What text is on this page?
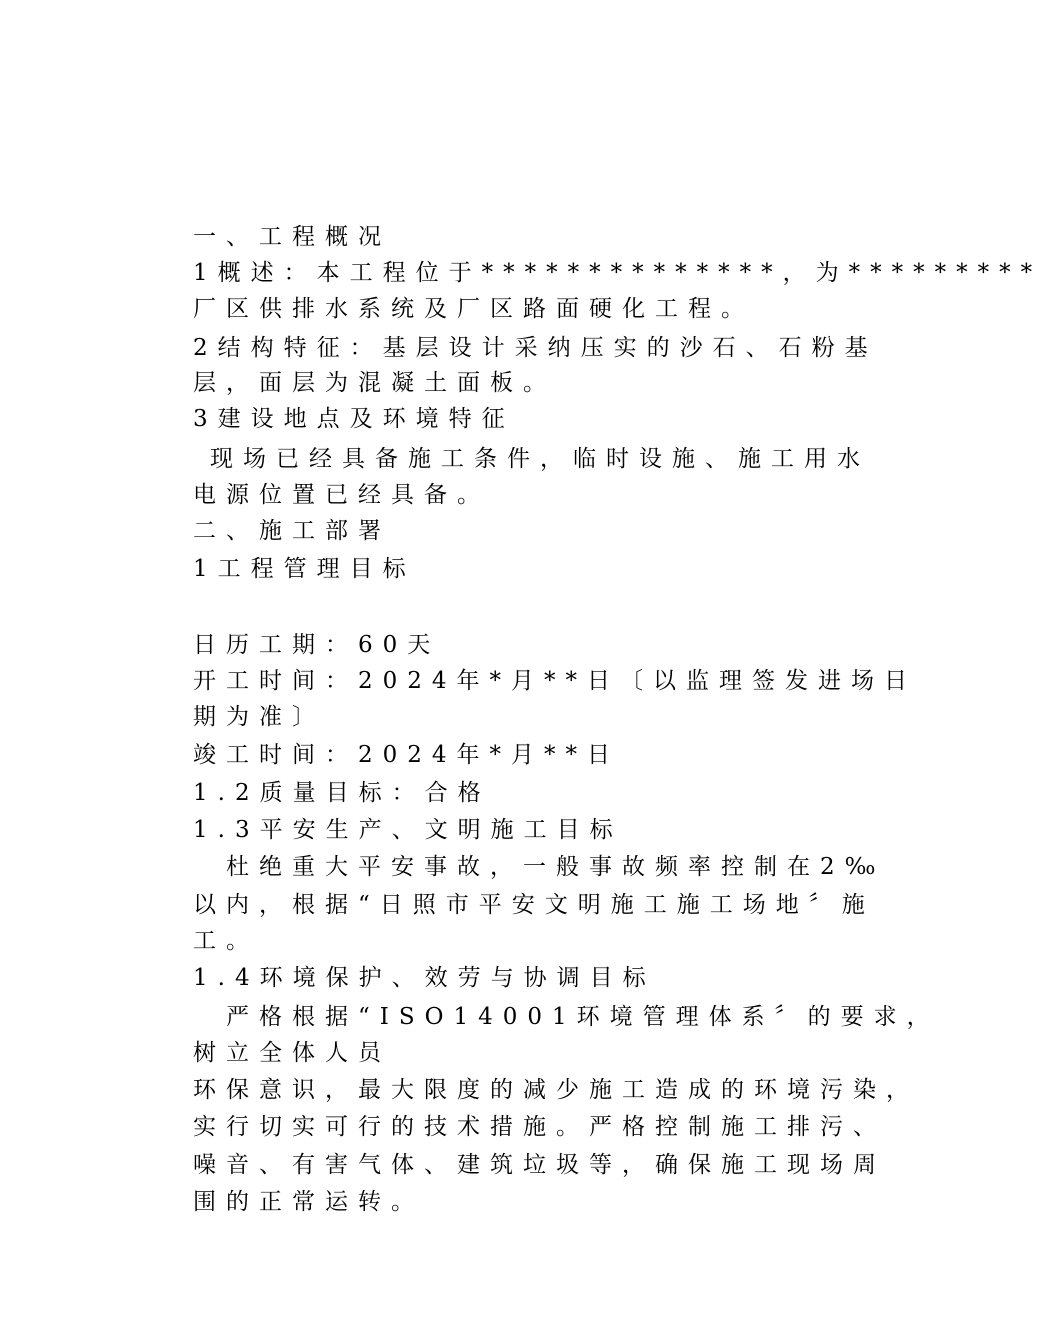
一、工程概况
1概述：本工程位于**************，为*********
厂区供排水系统及厂区路面硬化工程。
2结构特征：基层设计采纳压实的沙石、石粉基
层，面层为混凝土面板。
3建设地点及环境特征
现场已经具备施工条件，临时设施、施工用水
电源位置已经具备。
二、施工部署
1工程管理目标
日历工期：60天
开工时间：2024年*月**日〔以监理签发进场日
期为准〕
竣工时间：2024年*月**日
1.2质量目标：合格
1.3平安生产、文明施工目标
杜绝重大平安事故，一般事故频率控制在2‰
以内，根据“日照市平安文明施工施工场地〞施
工。
1.4环境保护、效劳与协调目标
严格根据“ISO14001环境管理体系〞的要求，
树立全体人员
环保意识，最大限度的减少施工造成的环境污染，
实行切实可行的技术措施。严格控制施工排污、
噪音、有害气体、建筑垃圾等，确保施工现场周
围的正常运转。
